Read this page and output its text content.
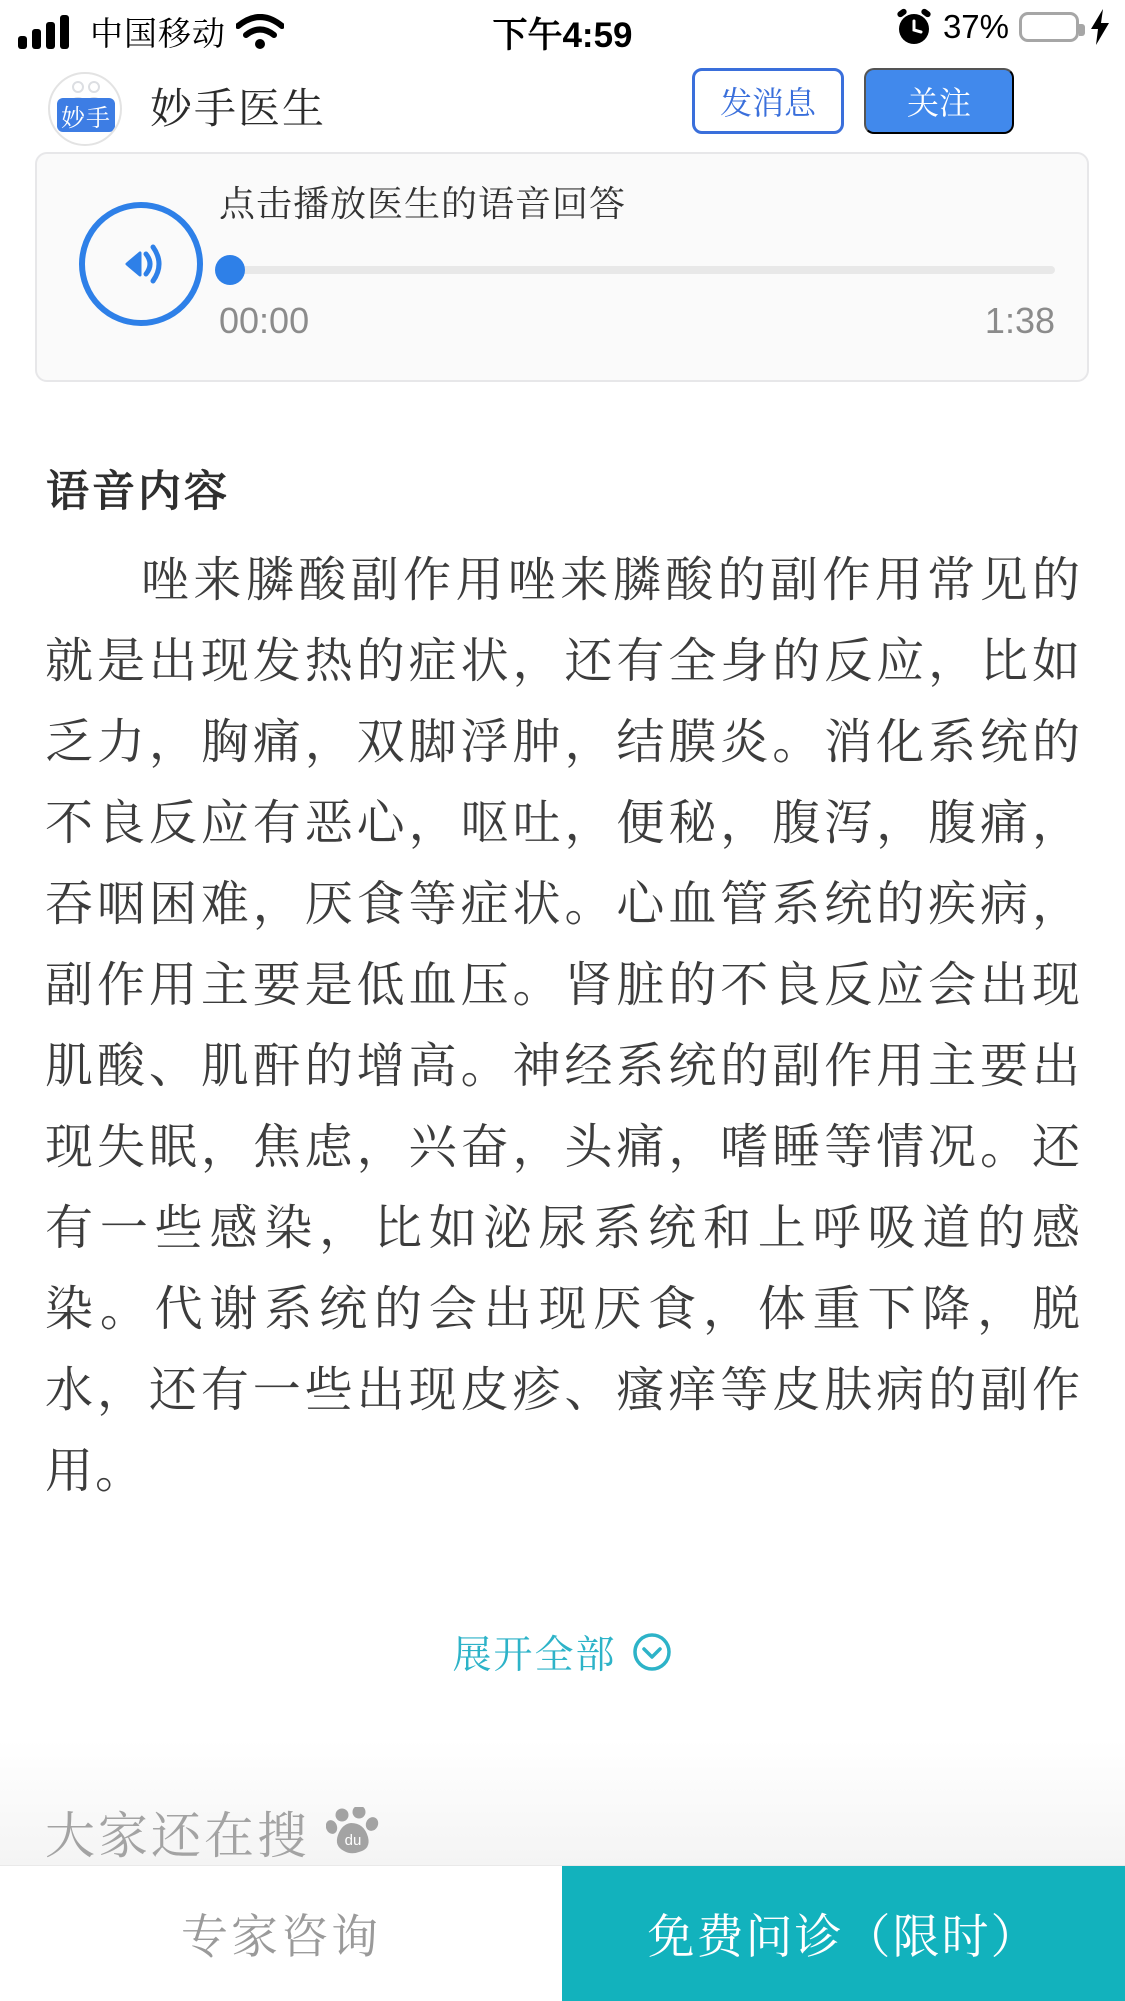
中国移动	下午4:59	37%
妙手 妙手医生	发消息	关注
点击播放医生的语音回答
00:00	1:38
语音内容
唑来膦酸副作用唑来膦酸的副作用常见的就是出现发热的症状，还有全身的反应，比如乏力，胸痛，双脚浮肿，结膜炎。消化系统的不良反应有恶心，呕吐，便秘，腹泻，腹痛，吞咽困难，厌食等症状。心血管系统的疾病，副作用主要是低血压。肾脏的不良反应会出现肌酸、肌酐的增高。神经系统的副作用主要出现失眠，焦虑，兴奋，头痛，嗜睡等情况。还有一些感染，比如泌尿系统和上呼吸道的感染。代谢系统的会出现厌食，体重下降，脱水，还有一些出现皮疹、瘙痒等皮肤病的副作用。
展开全部
大家还在搜 du
专家咨询	免费问诊（限时）
